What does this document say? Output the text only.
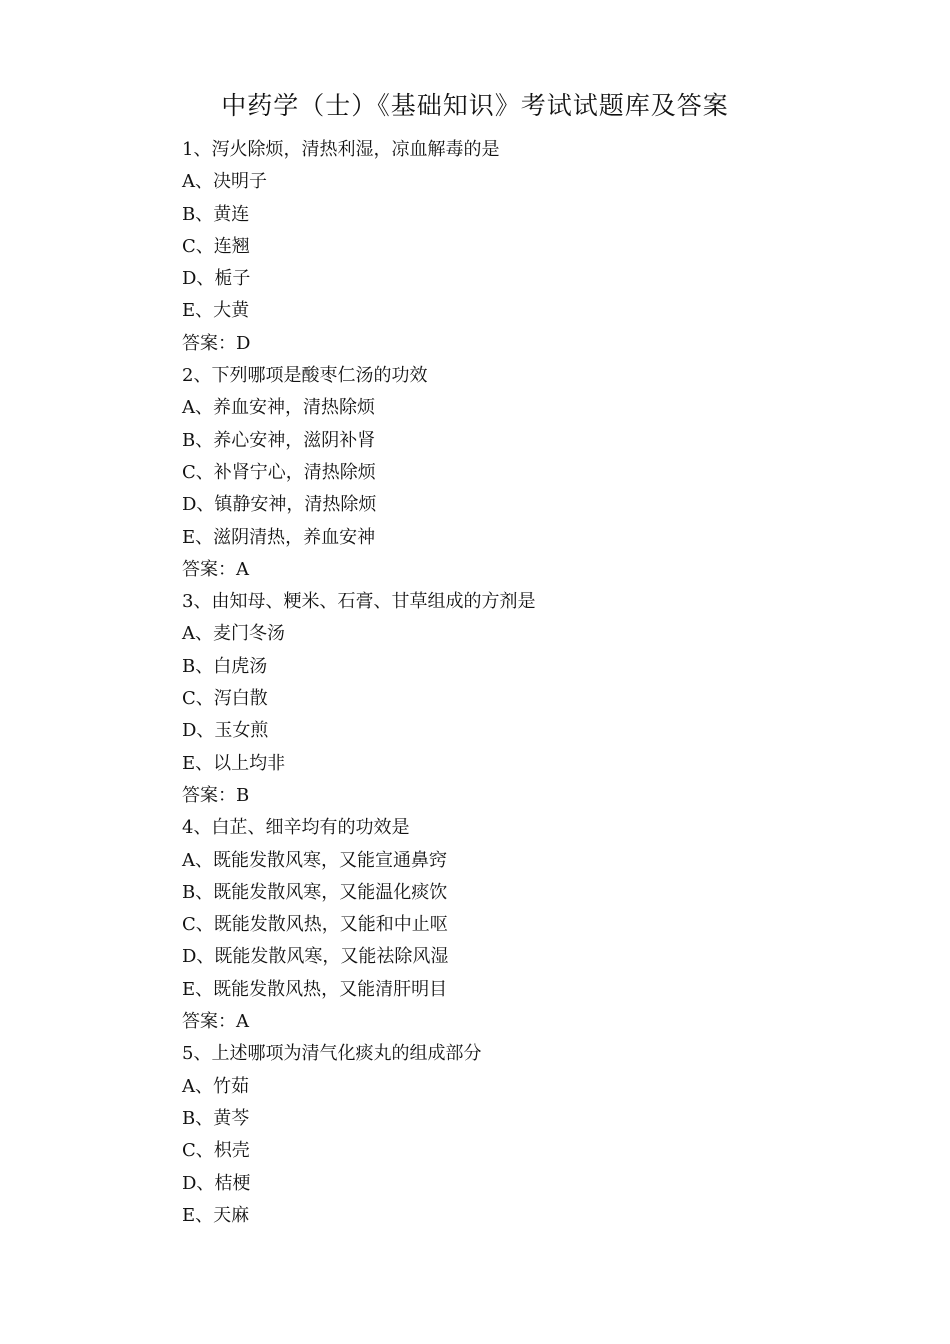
中药学（士）《基础知识》考试试题库及答案
1、泻火除烦，清热利湿，凉血解毒的是
A、决明子
B、黄连
C、连翘
D、栀子
E、大黄
答案：D
2、下列哪项是酸枣仁汤的功效
A、养血安神，清热除烦
B、养心安神，滋阴补肾
C、补肾宁心，清热除烦
D、镇静安神，清热除烦
E、滋阴清热，养血安神
答案：A
3、由知母、粳米、石膏、甘草组成的方剂是
A、麦门冬汤
B、白虎汤
C、泻白散
D、玉女煎
E、以上均非
答案：B
4、白芷、细辛均有的功效是
A、既能发散风寒，又能宣通鼻窍
B、既能发散风寒，又能温化痰饮
C、既能发散风热，又能和中止呕
D、既能发散风寒，又能祛除风湿
E、既能发散风热，又能清肝明目
答案：A
5、上述哪项为清气化痰丸的组成部分
A、竹茹
B、黄芩
C、枳壳
D、桔梗
E、天麻
